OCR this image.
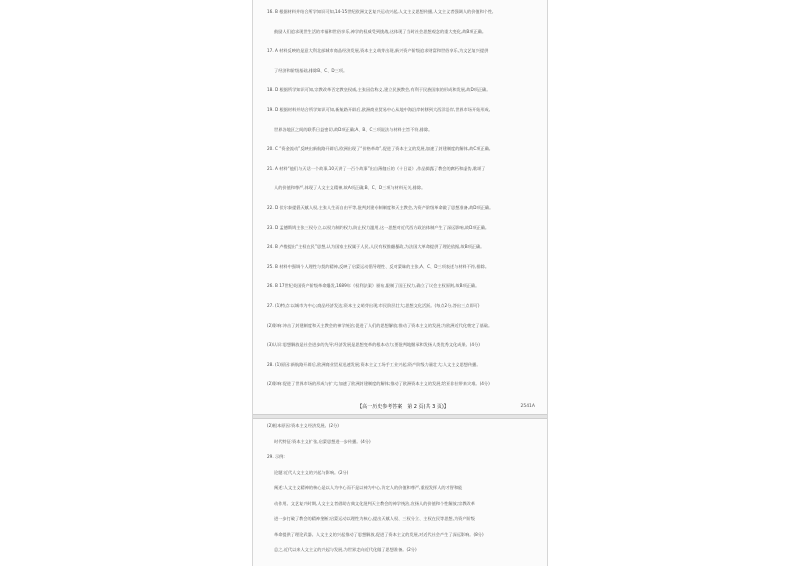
16. B 根据材料并结合所学知识可知,14-15世纪欧洲文艺复兴运动兴起,人文主义思想传播,人文主义者强调人的价值和个性,
鼓励人们追求现世生活的幸福和世俗享乐,神学的权威受到挑战,这体现了当时社会思想观念的重大变化,故B项正确。
17. A 材料反映的是意大利北部城市商品经济发展,资本主义萌芽出现,新兴资产阶级追求财富和世俗享乐,为文艺复兴提供
了经济和阶级基础,排除B、C、D三项。
18. D 根据所学知识可知,宗教改革否定教皇权威,主张因信称义,建立民族教会,有利于民族国家的形成和发展,故D项正确。
19. D 根据材料并结合所学知识可知,新航路开辟后,欧洲商业贸易中心从地中海沿岸转移到大西洋沿岸,世界市场开始形成,
世界各地区之间的联系日益密切,故D项正确;A、B、C三项说法与材料主旨不符,排除。
20. C “资金流动”反映出新航路开辟后,欧洲出现了“价格革命”,促进了资本主义的发展,加速了封建制度的解体,故C项正确。
21. A 材料“他们与天话一个故事,10天讲了一百个故事”出自薄伽丘的《十日谈》,作品揭露了教会的腐朽和虚伪,歌颂了
人的价值和尊严,体现了人文主义精神,故A项正确;B、C、D三项与材料无关,排除。
22. D 伏尔泰提倡天赋人权,主张人生而自由平等,批判封建专制制度和天主教会,为资产阶级革命做了思想准备,故D项正确。
23. D 孟德斯鸠主张三权分立,以权力制约权力,防止权力滥用,这一思想对近代西方政治体制产生了深远影响,故D项正确。
24. B 卢梭提出“主权在民”思想,认为国家主权属于人民,人民有权推翻暴政,为法国大革命提供了理论依据,故B项正确。
25. B 材料中强调个人理性与契约精神,反映了启蒙运动倡导理性、反对蒙昧的主张,A、C、D三项表述与材料不符,排除。
26. B 17世纪英国资产阶级革命爆发,1689年《权利法案》颁布,限制了国王权力,确立了议会主权原则,故B项正确。
27. (1)特点:以城市为中心;商品经济发达;资本主义萌芽出现;市民阶层壮大;思想文化活跃。(每点2分,答出三点即可)
(2)影响:冲击了封建制度和天主教会的神学统治;促进了人们的思想解放;推动了资本主义的发展;为欧洲近代化奠定了基础。
(3)认识:思想解放是社会进步的先导;经济发展是思想变革的根本动力;要批判地继承和发扬人类优秀文化成果。(4分)
28. (1)原因:新航路开辟后,欧洲商业贸易迅速发展;资本主义工场手工业兴起;资产阶级力量壮大;人文主义思想传播。
(2)影响:促进了世界市场的形成与扩大;加速了欧洲封建制度的解体;推动了欧洲资本主义的发展;给亚非拉带来灾难。(4分)
【高一历史参考答案　第 2 页(共 3 页)】	2541A
(2)根本原因:资本主义经济发展。(2分)
时代特征:资本主义扩张,启蒙思想进一步传播。(4分)
29. 示例:
论题:近代人文主义的兴起与影响。(2分)
阐述:人文主义精神的核心是以人为中心而不是以神为中心,肯定人的价值和尊严,重视发挥人的才智和能
动作用。文艺复兴时期,人文主义者借助古典文化批判天主教会的神学统治,宣扬人的价值和个性解放;宗教改革
进一步打破了教会的精神垄断;启蒙运动以理性为核心,提出天赋人权、三权分立、主权在民等思想,为资产阶级
革命提供了理论武器。人文主义的兴起推动了思想解放,促进了资本主义的发展,对近代社会产生了深远影响。(8分)
总之,近代以来人文主义的兴起与发展,为世界走向近代化做了思想准备。(2分)
